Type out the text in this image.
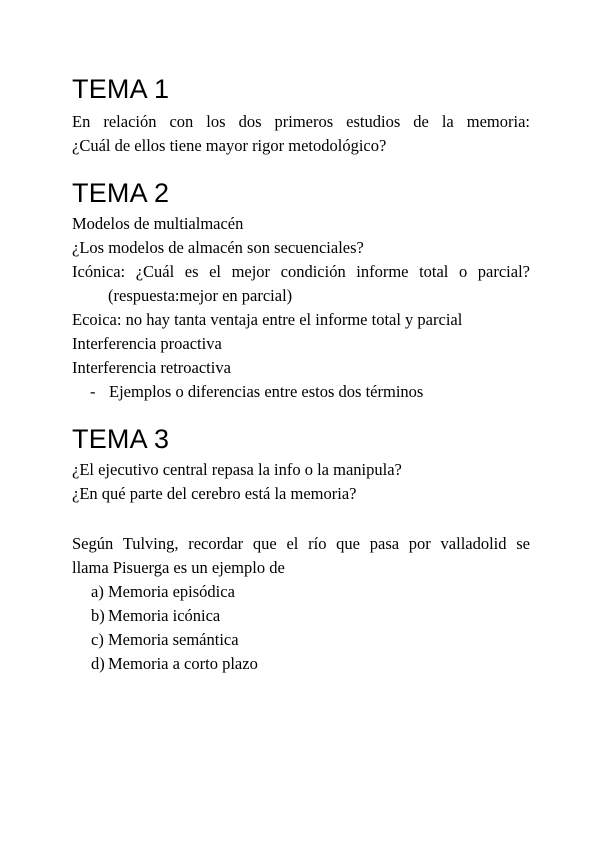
TEMA 1

En relación con los dos primeros estudios de la memoria:

¿Cuál de ellos tiene mayor rigor metodológico?

TEMA 2

Modelos de multialmacén

¿Los modelos de almacén son secuenciales?

Icónica: ¿Cuál es el mejor condición informe total o parcial?

(respuesta:mejor en parcial)

Ecoica: no hay tanta ventaja entre el informe total y parcial

Interferencia proactiva

Interferencia retroactiva

- Ejemplos o diferencias entre estos dos términos

TEMA 3

¿El ejecutivo central repasa la info o la manipula?

¿En qué parte del cerebro está la memoria?

Según Tulving, recordar que el río que pasa por valladolid se

llama Pisuerga es un ejemplo de

a) Memoria episódica

b) Memoria icónica

c) Memoria semántica

d) Memoria a corto plazo
